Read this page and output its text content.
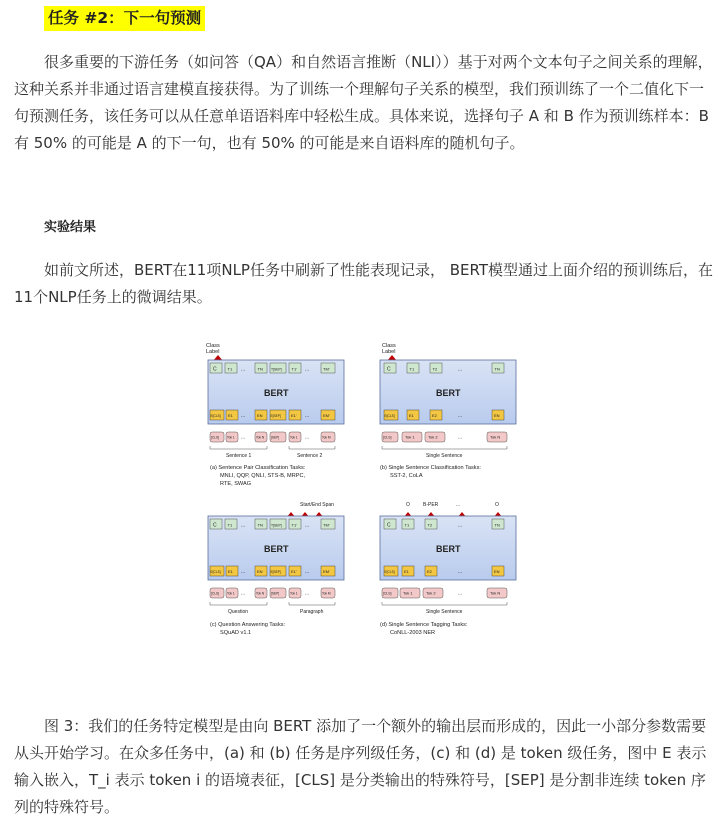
任务 #2：下一句预测

很多重要的下游任务（如问答（QA）和自然语言推断（NLI））基于对两个文本句子之间关系的理解，这种关系并非通过语言建模直接获得。为了训练一个理解句子关系的模型，我们预训练了一个二值化下一句预测任务，该任务可以从任意单语语料库中轻松生成。具体来说，选择句子 A 和 B 作为预训练样本：B 有 50% 的可能是 A 的下一句，也有 50% 的可能是来自语料库的随机句子。

实验结果

如前文所述，BERT在11项NLP任务中刷新了性能表现记录， BERT模型通过上面介绍的预训练后，在11个NLP任务上的微调结果。

Class
Label
BERT
C	T1 ...	TN T[SEP] T1' ...	TM'
E[CLS] E1 ...	EN E[SEP]	E1' ...	EM'
[CLS]	Tok 1 ...	Tok N [SEP]	Tok 1 ...	Tok M
Sentence 1	Sentence 2
(a) Sentence Pair Classification Tasks:
MNLI, QQP, QNLI, STS-B, MRPC,
RTE, SWAG
Class
Label
BERT
C	T1	T2	...	TN
E[CLS]	E1	E2	...	EN
[CLS]	Tok 1	Tok 2	...	Tok N
Single Sentence
(b) Single Sentence Classification Tasks:
SST-2, CoLA
Start/End Span
BERT
C	T1 ...	TN T[SEP] T1' ...	TM'
E[CLS] E1 ...	EN E[SEP]	E1' ...	EM'
[CLS]	Tok 1 ...	Tok N [SEP]	Tok 1 ...	Tok M
Question	Paragraph
(c) Question Answering Tasks:
SQuAD v1.1
O	B-PER	...	O
BERT
C	T1	T2	...	TN
E[CLS] E1	E2	...	EN
[CLS]	Tok 1	Tok 2	...	Tok N
Single Sentence
(d) Single Sentence Tagging Tasks:
CoNLL-2003 NER

图 3：我们的任务特定模型是由向 BERT 添加了一个额外的输出层而形成的，因此一小部分参数需要从头开始学习。在众多任务中，(a) 和 (b) 任务是序列级任务，(c) 和 (d) 是 token 级任务，图中 E 表示输入嵌入，T_i 表示 token i 的语境表征，[CLS] 是分类输出的特殊符号，[SEP] 是分割非连续 token 序列的特殊符号。
